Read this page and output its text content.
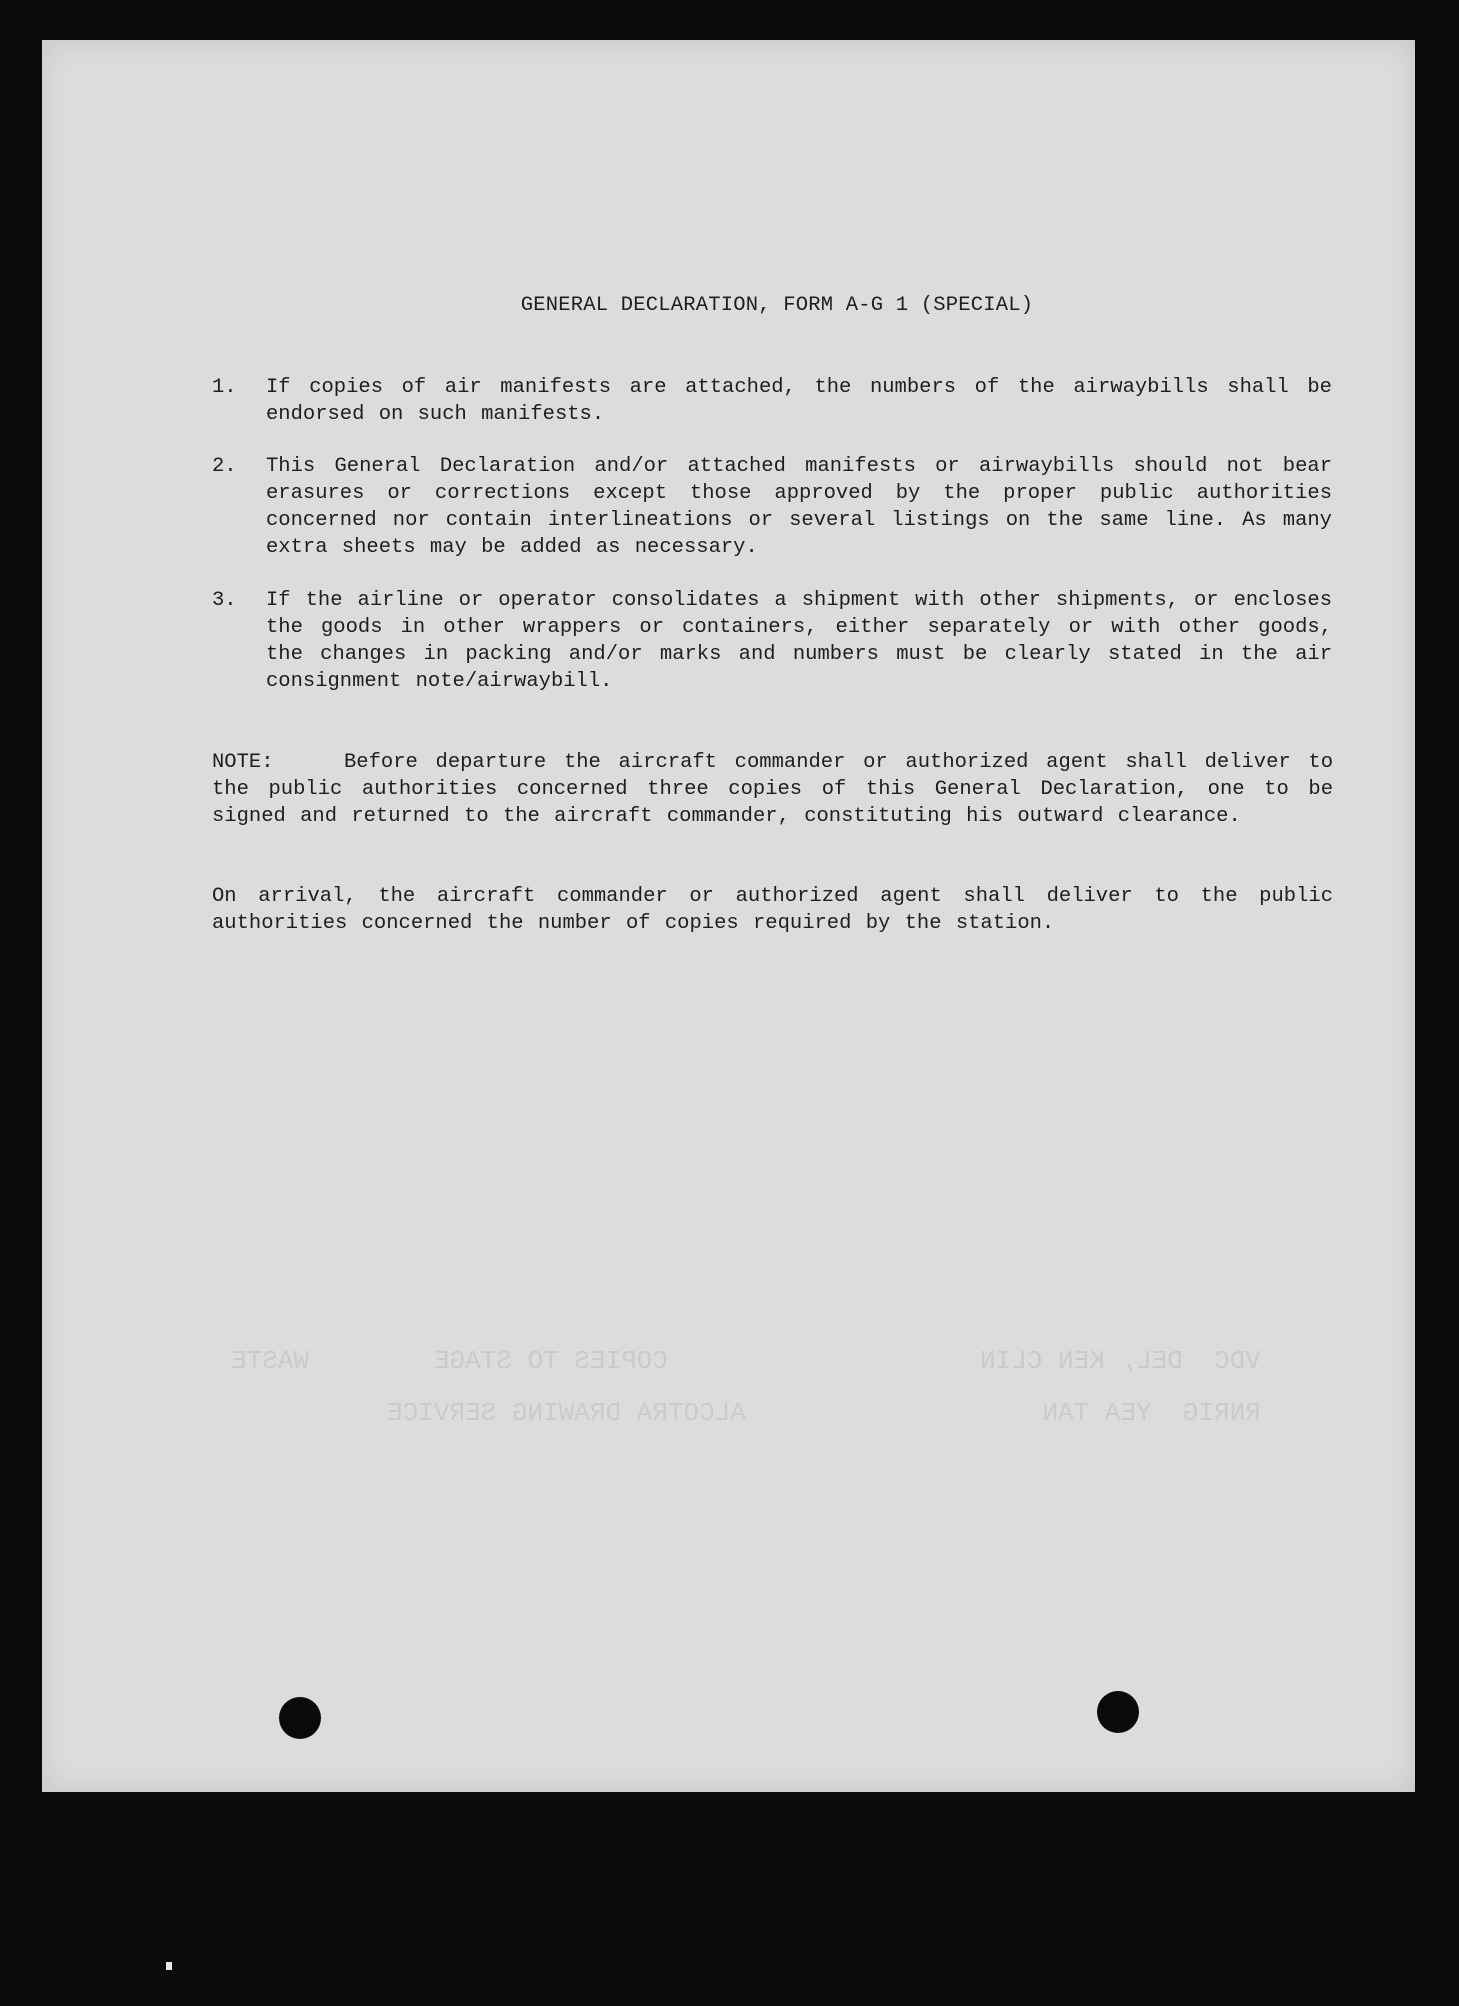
VDC  DEL, KEN CLIN                    COPIES TO STAGE        WASTE
RNRIG  YEA TAN                   ALCOTRA DRAWING SERVICE
GENERAL DECLARATION, FORM A-G 1 (SPECIAL)
1. If copies of air manifests are attached, the numbers of the airwaybills shall be endorsed on such manifests.
2. This General Declaration and/or attached manifests or airwaybills should not bear erasures or corrections except those approved by the proper public authorities concerned nor contain interlineations or several listings on the same line. As many extra sheets may be added as necessary.
3. If the airline or operator consolidates a shipment with other shipments, or encloses the goods in other wrappers or containers, either separately or with other goods, the changes in packing and/or marks and numbers must be clearly stated in the air consignment note/airwaybill.
NOTE:	Before departure the aircraft commander or authorized agent shall deliver to the public authorities concerned three copies of this General Declaration, one to be signed and returned to the aircraft commander, constituting his outward clearance.
On arrival, the aircraft commander or authorized agent shall deliver to the public authorities concerned the number of copies required by the station.
